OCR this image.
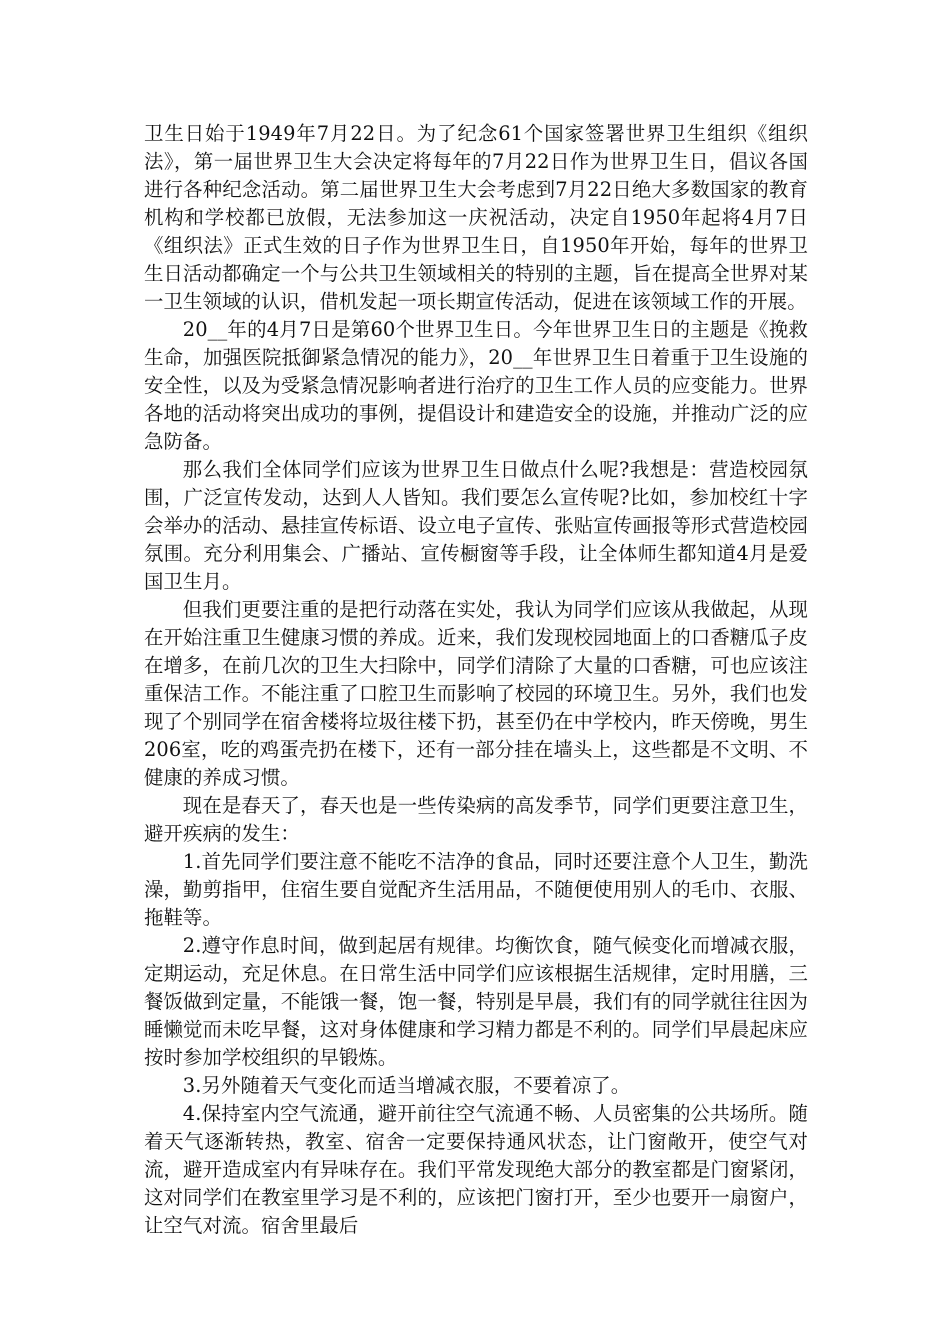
卫生日始于1949年7月22日。为了纪念61个国家签署世界卫生组织《组织法》，第一届世界卫生大会决定将每年的7月22日作为世界卫生日，倡议各国进行各种纪念活动。第二届世界卫生大会考虑到7月22日绝大多数国家的教育机构和学校都已放假，无法参加这一庆祝活动，决定自1950年起将4月7日《组织法》正式生效的日子作为世界卫生日，自1950年开始，每年的世界卫生日活动都确定一个与公共卫生领域相关的特别的主题，旨在提高全世界对某一卫生领域的认识，借机发起一项长期宣传活动，促进在该领域工作的开展。

20__年的4月7日是第60个世界卫生日。今年世界卫生日的主题是《挽救生命，加强医院抵御紧急情况的能力》，20__年世界卫生日着重于卫生设施的安全性，以及为受紧急情况影响者进行治疗的卫生工作人员的应变能力。世界各地的活动将突出成功的事例，提倡设计和建造安全的设施，并推动广泛的应急防备。

那么我们全体同学们应该为世界卫生日做点什么呢?我想是：营造校园氛围，广泛宣传发动，达到人人皆知。我们要怎么宣传呢?比如，参加校红十字会举办的活动、悬挂宣传标语、设立电子宣传、张贴宣传画报等形式营造校园氛围。充分利用集会、广播站、宣传橱窗等手段，让全体师生都知道4月是爱国卫生月。

但我们更要注重的是把行动落在实处，我认为同学们应该从我做起，从现在开始注重卫生健康习惯的养成。近来，我们发现校园地面上的口香糖瓜子皮在增多，在前几次的卫生大扫除中，同学们清除了大量的口香糖，可也应该注重保洁工作。不能注重了口腔卫生而影响了校园的环境卫生。另外，我们也发现了个别同学在宿舍楼将垃圾往楼下扔，甚至仍在中学校内，昨天傍晚，男生206室，吃的鸡蛋壳扔在楼下，还有一部分挂在墙头上，这些都是不文明、不健康的养成习惯。

现在是春天了，春天也是一些传染病的高发季节，同学们更要注意卫生，避开疾病的发生：

1.首先同学们要注意不能吃不洁净的食品，同时还要注意个人卫生，勤洗澡，勤剪指甲，住宿生要自觉配齐生活用品，不随便使用别人的毛巾、衣服、拖鞋等。

2.遵守作息时间，做到起居有规律。均衡饮食，随气候变化而增减衣服，定期运动，充足休息。在日常生活中同学们应该根据生活规律，定时用膳，三餐饭做到定量，不能饿一餐，饱一餐，特别是早晨，我们有的同学就往往因为睡懒觉而未吃早餐，这对身体健康和学习精力都是不利的。同学们早晨起床应按时参加学校组织的早锻炼。

3.另外随着天气变化而适当增减衣服，不要着凉了。

4.保持室内空气流通，避开前往空气流通不畅、人员密集的公共场所。随着天气逐渐转热，教室、宿舍一定要保持通风状态，让门窗敞开，使空气对流，避开造成室内有异味存在。我们平常发现绝大部分的教室都是门窗紧闭，这对同学们在教室里学习是不利的，应该把门窗打开，至少也要开一扇窗户，让空气对流。宿舍里最后
